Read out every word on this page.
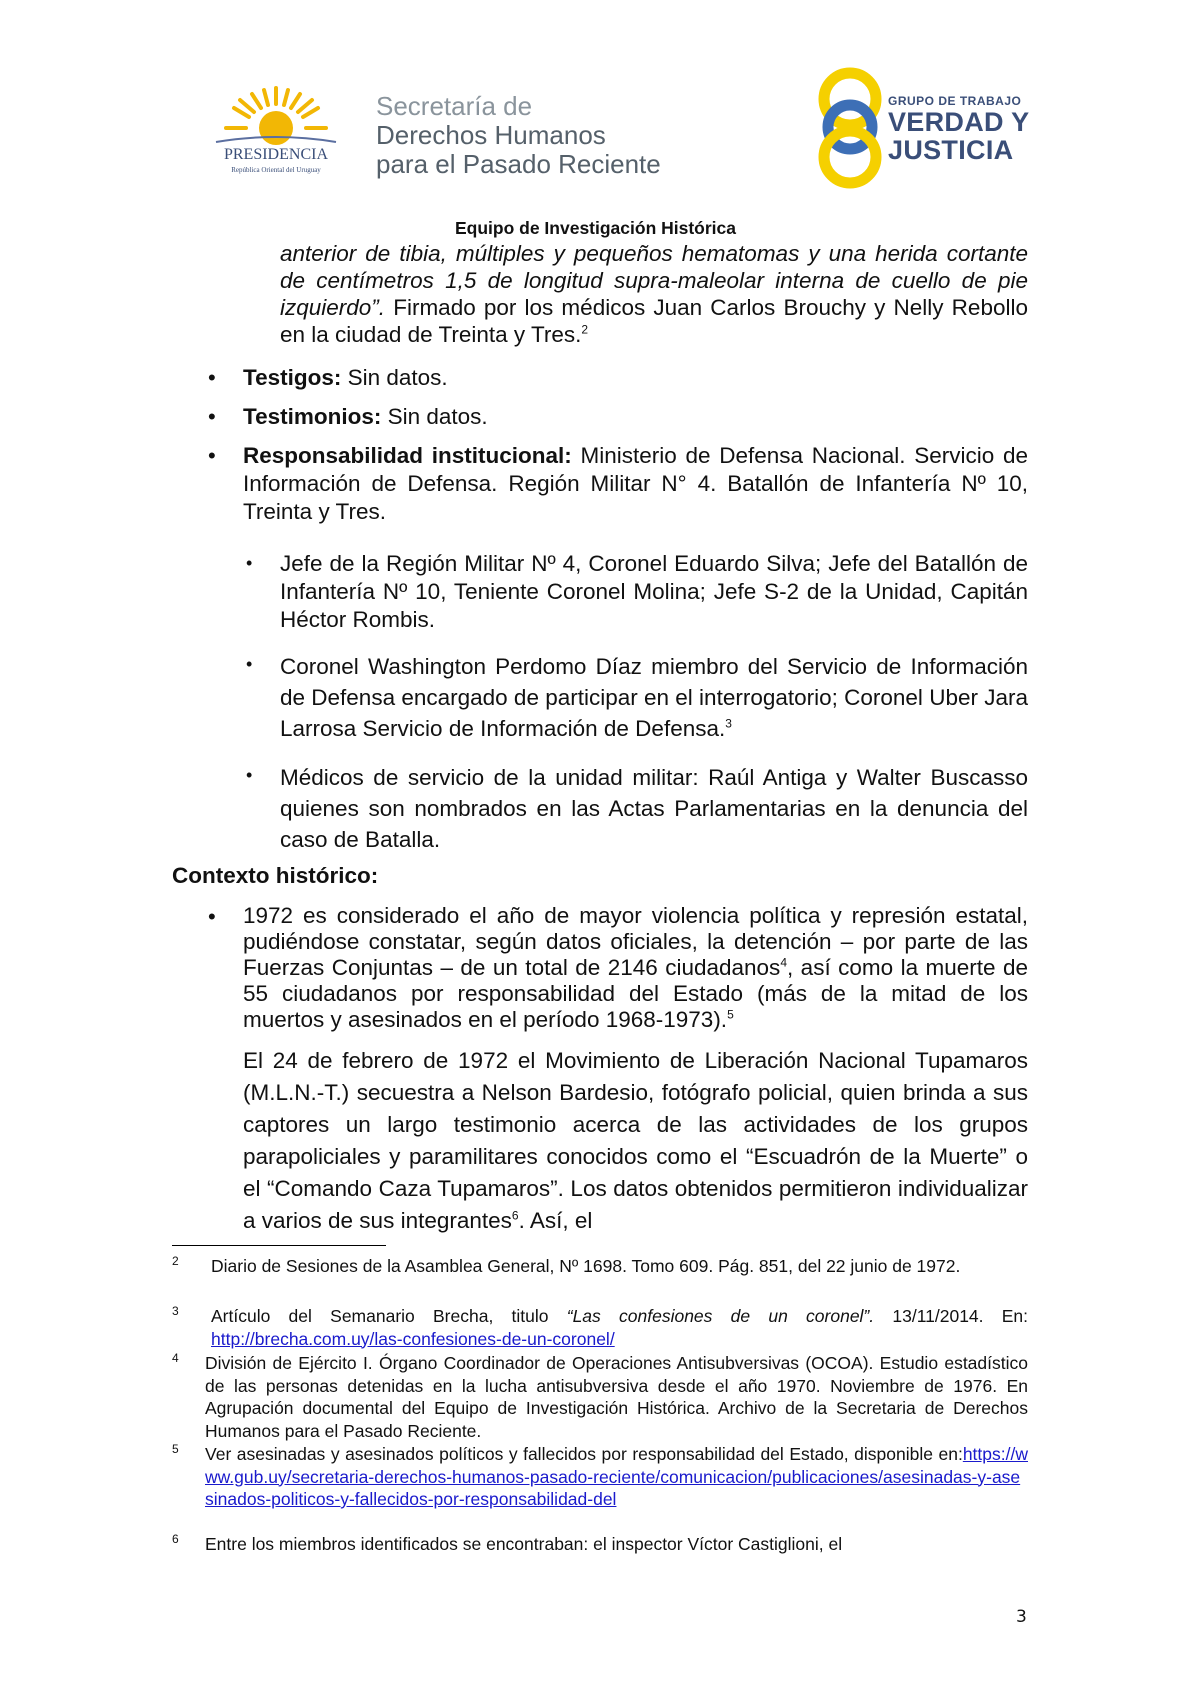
PRESIDENCIA
República Oriental del Uruguay
Secretaría de
Derechos Humanos
para el Pasado Reciente
GRUPO DE TRABAJO
VERDAD Y
JUSTICIA
Equipo de Investigación Histórica

anterior de tibia, múltiples y pequeños hematomas y una herida cortante de centímetros 1,5 de longitud supra-maleolar interna de cuello de pie izquierdo”. Firmado por los médicos Juan Carlos Brouchy y Nelly Rebollo en la ciudad de Treinta y Tres.$^2$

• Testigos: Sin datos.

• Testimonios: Sin datos.

• Responsabilidad institucional: Ministerio de Defensa Nacional. Servicio de Información de Defensa. Región Militar N° 4. Batallón de Infantería Nº 10, Treinta y Tres.

• Jefe de la Región Militar Nº 4, Coronel Eduardo Silva; Jefe del Batallón de Infantería Nº 10, Teniente Coronel Molina; Jefe S-2 de la Unidad, Capitán Héctor Rombis.

• Coronel Washington Perdomo Díaz miembro del Servicio de Información de Defensa encargado de participar en el interrogatorio; Coronel Uber Jara Larrosa Servicio de Información de Defensa.$^3$

• Médicos de servicio de la unidad militar: Raúl Antiga y Walter Buscasso quienes son nombrados en las Actas Parlamentarias en la denuncia del caso de Batalla.

Contexto histórico:
• 1972 es considerado el año de mayor violencia política y represión estatal, pudiéndose constatar, según datos oficiales, la detención – por parte de las Fuerzas Conjuntas – de un total de 2146 ciudadanos$^4$, así como la muerte de 55 ciudadanos por responsabilidad del Estado (más de la mitad de los muertos y asesinados en el período 1968-1973).$^5$

El 24 de febrero de 1972 el Movimiento de Liberación Nacional Tupamaros (M.L.N.-T.) secuestra a Nelson Bardesio, fotógrafo policial, quien brinda a sus captores un largo testimonio acerca de las actividades de los grupos parapoliciales y paramilitares conocidos como el “Escuadrón de la Muerte” o el “Comando Caza Tupamaros”. Los datos obtenidos permitieron individualizar a varios de sus integrantes$^6$. Así, el

2	Diario de Sesiones de la Asamblea General, Nº 1698. Tomo 609. Pág. 851, del 22 junio de 1972.

3	Artículo del Semanario Brecha, titulo “Las confesiones de un coronel”. 13/11/2014. En: http://brecha.com.uy/las-confesiones-de-un-coronel/

4 División de Ejército I. Órgano Coordinador de Operaciones Antisubversivas (OCOA). Estudio estadístico de las personas detenidas en la lucha antisubversiva desde el año 1970. Noviembre de 1976. En Agrupación documental del Equipo de Investigación Histórica. Archivo de la Secretaria de Derechos Humanos para el Pasado Reciente.

5 Ver asesinadas y asesinados políticos y fallecidos por responsabilidad del Estado, disponible en:https://www.gub.uy/secretaria-derechos-humanos-pasado-reciente/comunicacion/publicaciones/asesinadas-y-asesinados-politicos-y-fallecidos-por-responsabilidad-del

6 Entre los miembros identificados se encontraban: el inspector Víctor Castiglioni, el

3
